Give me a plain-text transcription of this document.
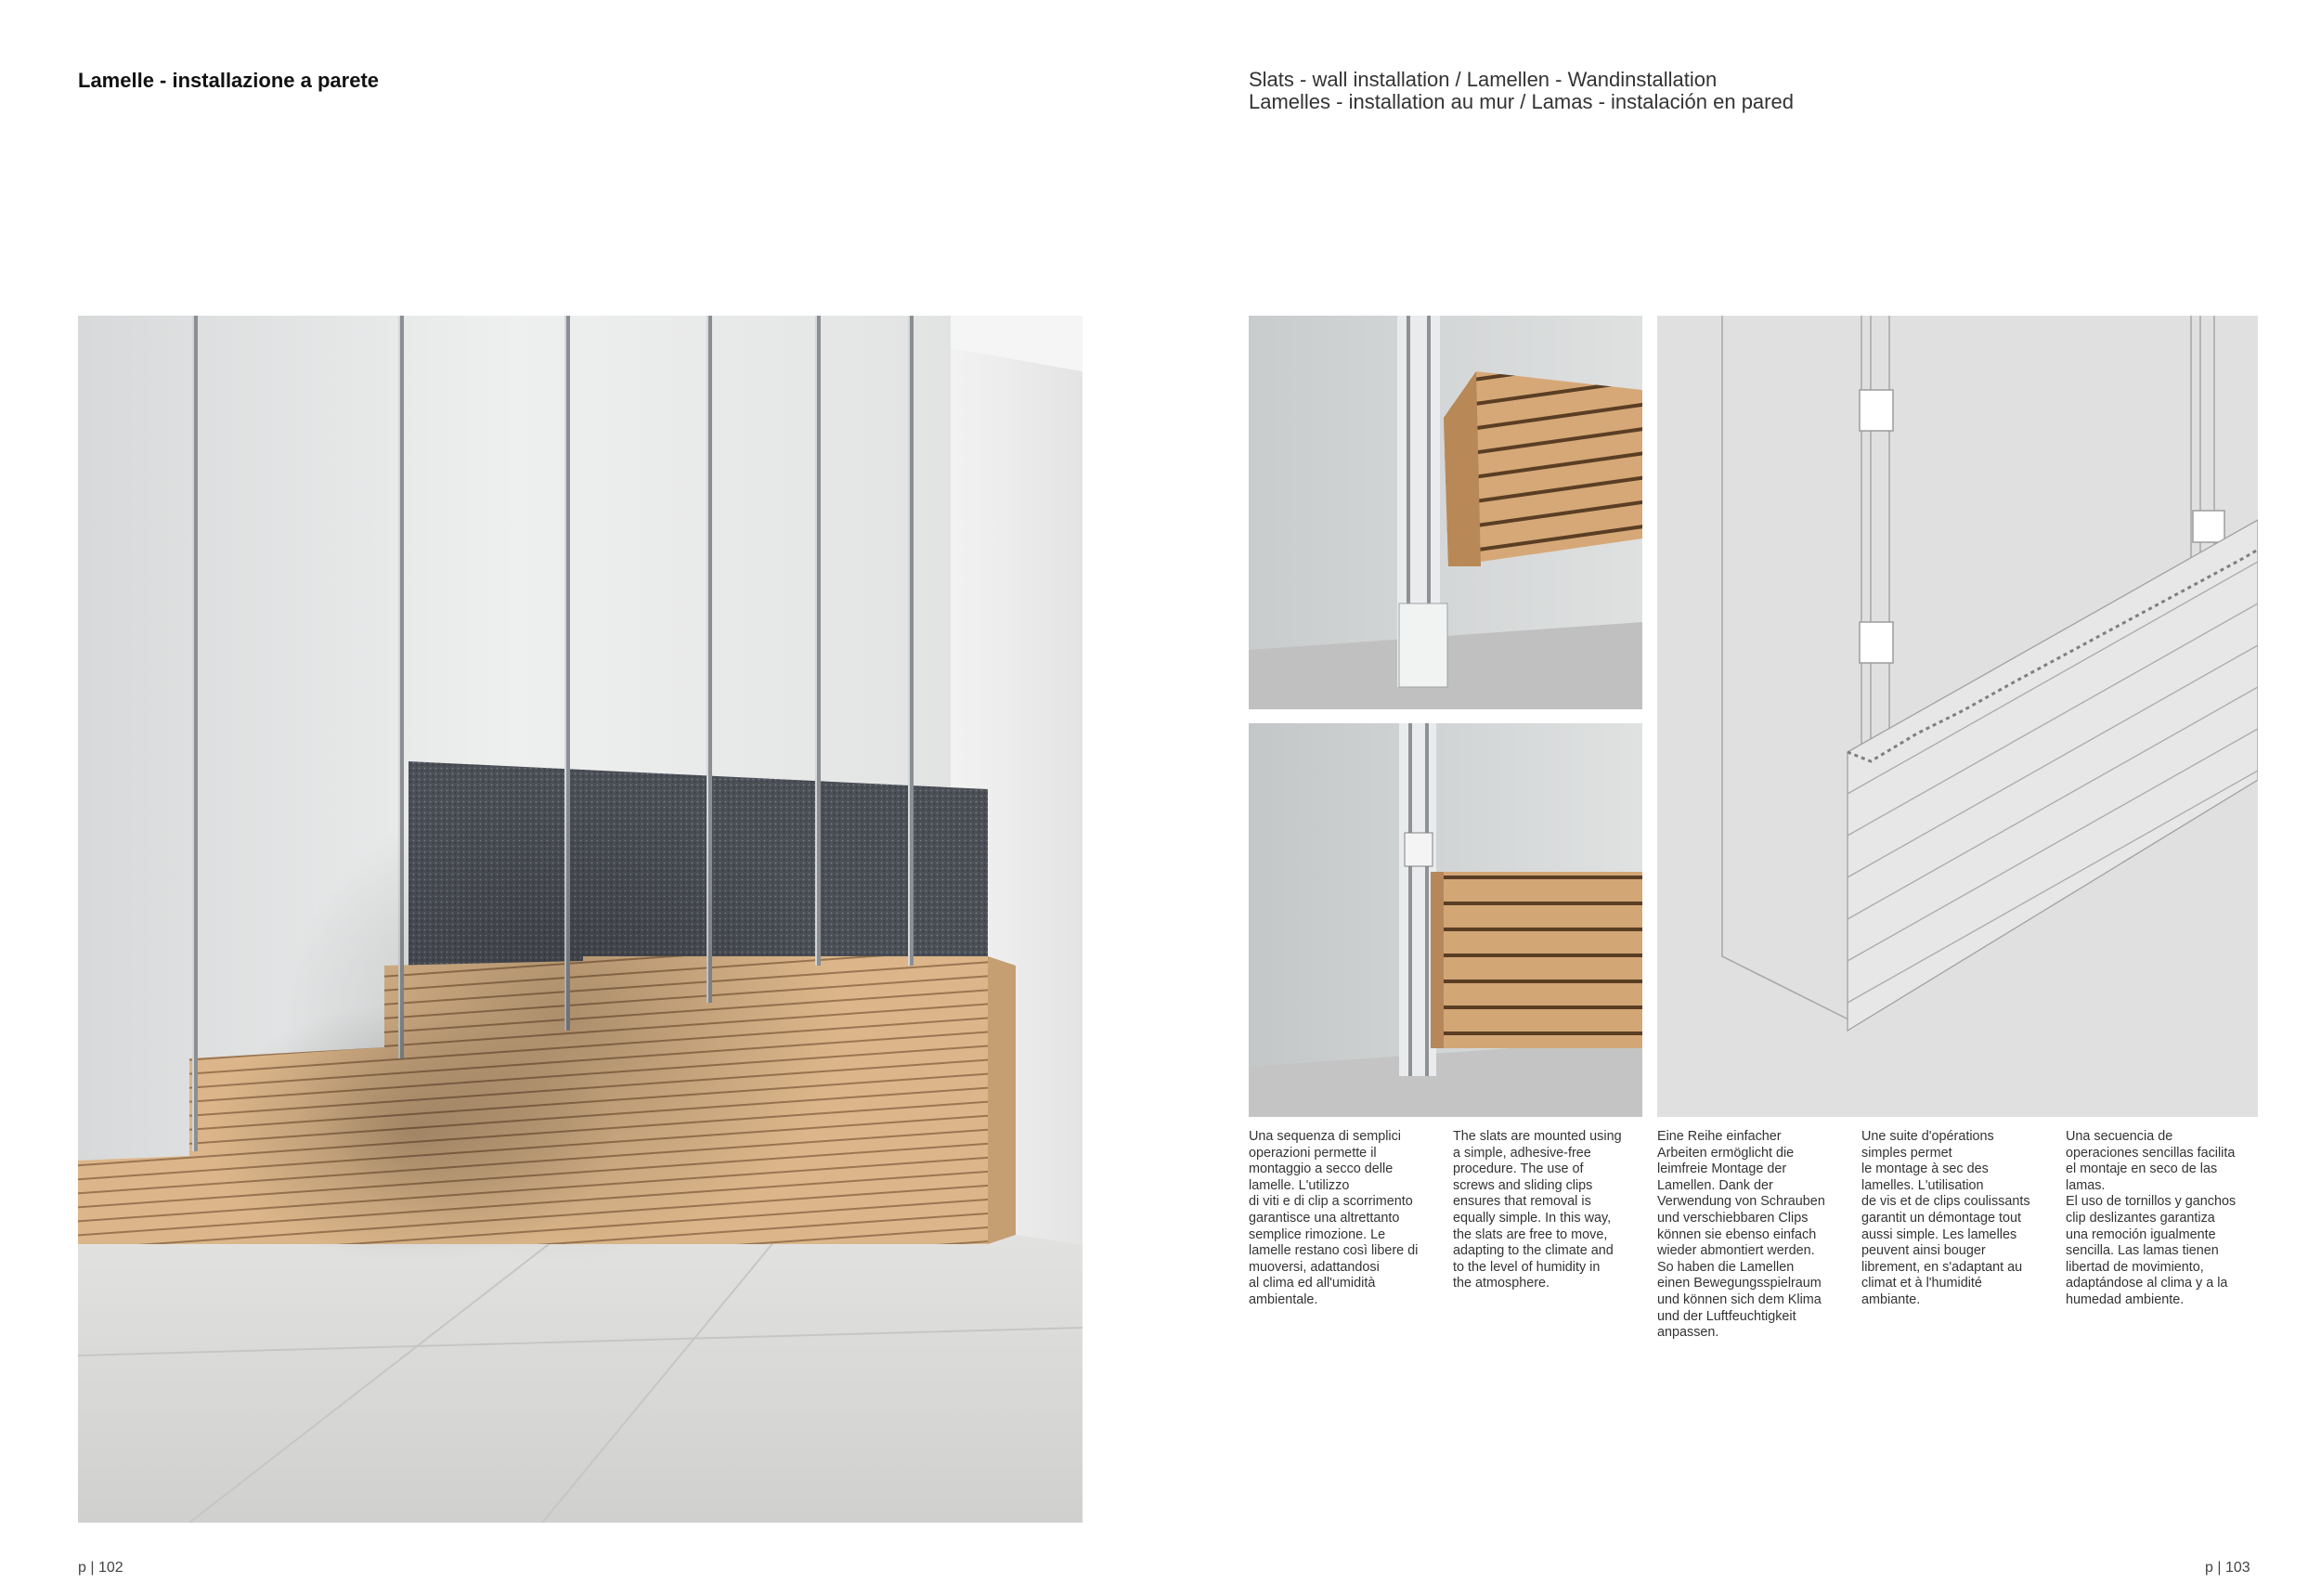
Lamelle - installazione a parete	Slats - wall installation / Lamellen - Wandinstallation
Lamelles - installation au mur / Lamas - instalación en pared
Una sequenza di semplici
operazioni permette il
montaggio a secco delle
lamelle. L'utilizzo
di viti e di clip a scorrimento
garantisce una altrettanto
semplice rimozione. Le
lamelle restano così libere di
muoversi, adattandosi
al clima ed all'umidità
ambientale.
The slats are mounted using
a simple, adhesive-free
procedure. The use of
screws and sliding clips
ensures that removal is
equally simple. In this way,
the slats are free to move,
adapting to the climate and
to the level of humidity in
the atmosphere.
Eine Reihe einfacher
Arbeiten ermöglicht die
leimfreie Montage der
Lamellen. Dank der
Verwendung von Schrauben
und verschiebbaren Clips
können sie ebenso einfach
wieder abmontiert werden.
So haben die Lamellen
einen Bewegungsspielraum
und können sich dem Klima
und der Luftfeuchtigkeit
anpassen.
Une suite d'opérations
simples permet
le montage à sec des
lamelles. L'utilisation
de vis et de clips coulissants
garantit un démontage tout
aussi simple. Les lamelles
peuvent ainsi bouger
librement, en s'adaptant au
climat et à l'humidité
ambiante.
Una secuencia de
operaciones sencillas facilita
el montaje en seco de las
lamas.
El uso de tornillos y ganchos
clip deslizantes garantiza
una remoción igualmente
sencilla. Las lamas tienen
libertad de movimiento,
adaptándose al clima y a la
humedad ambiente.
p | 102	p | 103
